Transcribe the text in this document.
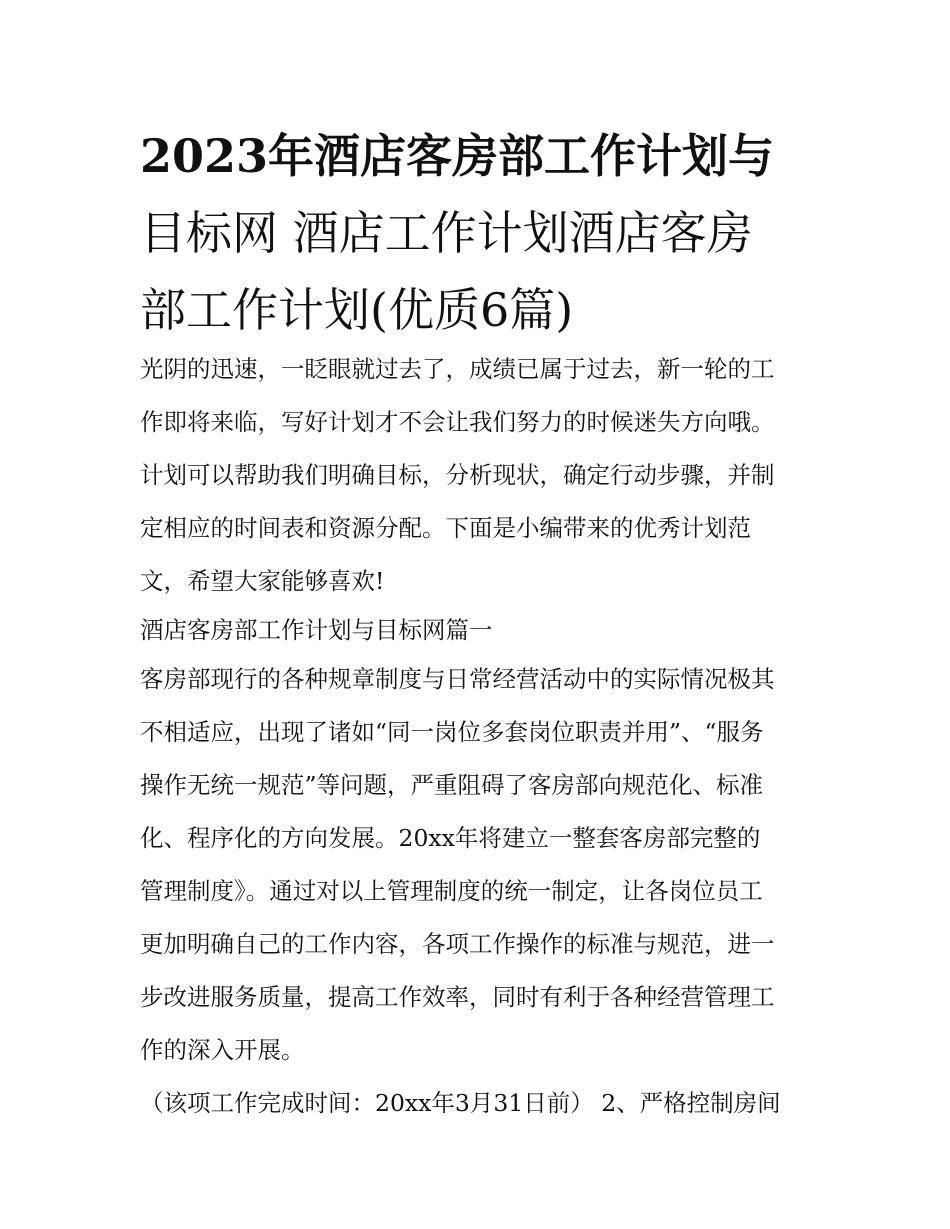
2023年酒店客房部工作计划与
目标网 酒店工作计划酒店客房
部工作计划(优质6篇)
光阴的迅速，一眨眼就过去了，成绩已属于过去，新一轮的工
作即将来临，写好计划才不会让我们努力的时候迷失方向哦。
计划可以帮助我们明确目标，分析现状，确定行动步骤，并制
定相应的时间表和资源分配。下面是小编带来的优秀计划范
文，希望大家能够喜欢!
酒店客房部工作计划与目标网篇一
客房部现行的各种规章制度与日常经营活动中的实际情况极其
不相适应，出现了诸如“同一岗位多套岗位职责并用”、“服务
操作无统一规范”等问题，严重阻碍了客房部向规范化、标准
化、程序化的方向发展。20xx年将建立一整套客房部完整的
管理制度》。通过对以上管理制度的统一制定，让各岗位员工
更加明确自己的工作内容，各项工作操作的标准与规范，进一
步改进服务质量，提高工作效率，同时有利于各种经营管理工
作的深入开展。
（该项工作完成时间：20xx年3月31日前） 2、严格控制房间
